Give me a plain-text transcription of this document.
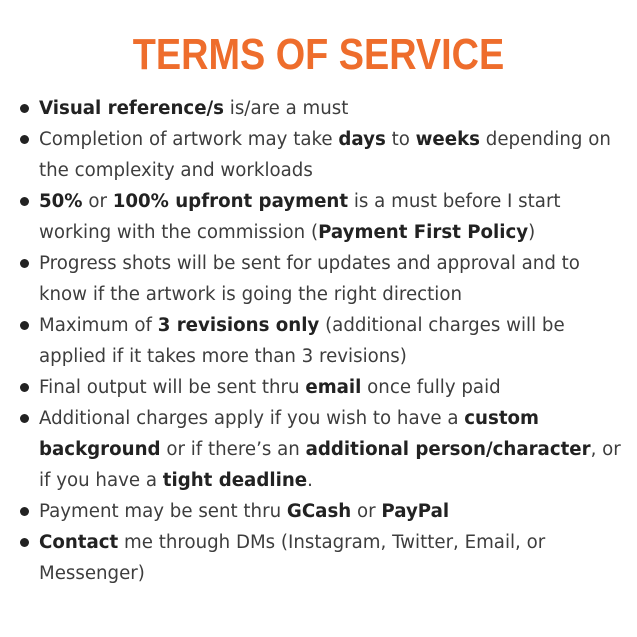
TERMS OF SERVICE
Visual reference/s is/are a must
Completion of artwork may take days to weeks depending on the complexity and workloads
50% or 100% upfront payment is a must before I start working with the commission (Payment First Policy)
Progress shots will be sent for updates and approval and to know if the artwork is going the right direction
Maximum of 3 revisions only (additional charges will be applied if it takes more than 3 revisions)
Final output will be sent thru email once fully paid
Additional charges apply if you wish to have a custom background or if there’s an additional person/character, or if you have a tight deadline.
Payment may be sent thru GCash or PayPal
Contact me through DMs (Instagram, Twitter, Email, or Messenger)
